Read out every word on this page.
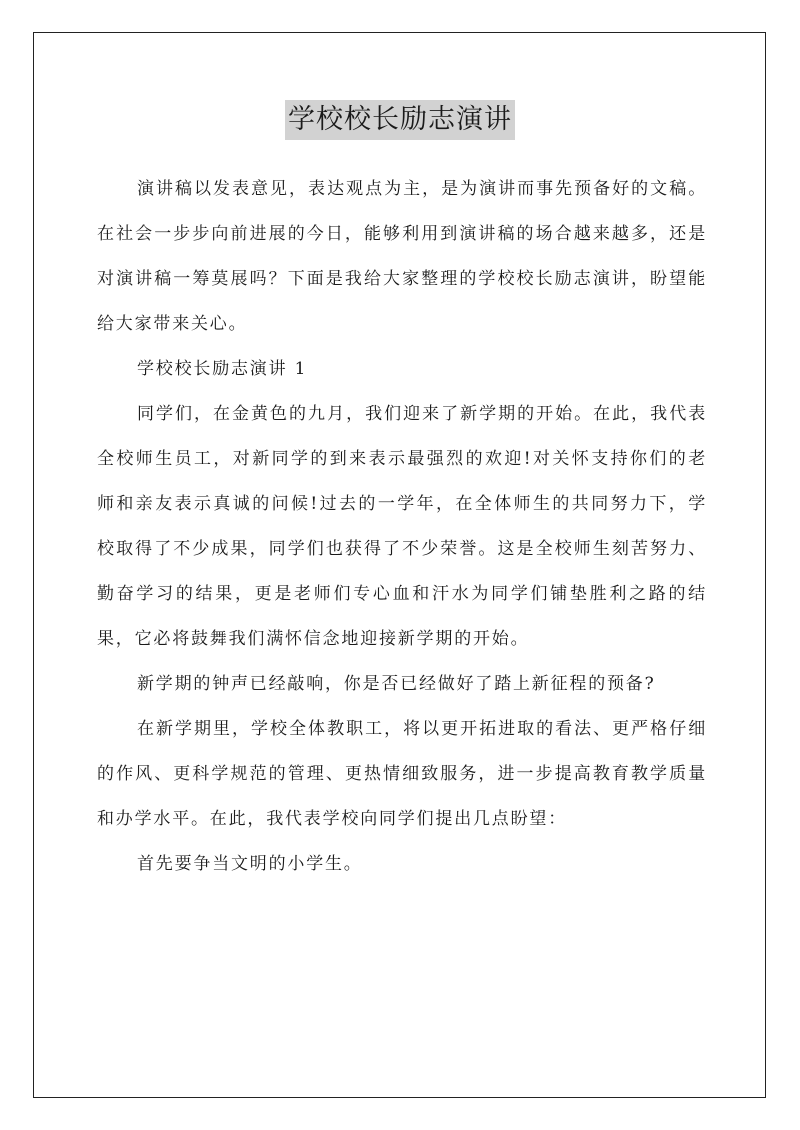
学校校长励志演讲

演讲稿以发表意见，表达观点为主，是为演讲而事先预备好的文稿。在社会一步步向前进展的今日，能够利用到演讲稿的场合越来越多，还是对演讲稿一筹莫展吗？下面是我给大家整理的学校校长励志演讲，盼望能给大家带来关心。

学校校长励志演讲 1

同学们，在金黄色的九月，我们迎来了新学期的开始。在此，我代表全校师生员工，对新同学的到来表示最强烈的欢迎!对关怀支持你们的老师和亲友表示真诚的问候!过去的一学年，在全体师生的共同努力下，学校取得了不少成果，同学们也获得了不少荣誉。这是全校师生刻苦努力、勤奋学习的结果，更是老师们专心血和汗水为同学们铺垫胜利之路的结果，它必将鼓舞我们满怀信念地迎接新学期的开始。

新学期的钟声已经敲响，你是否已经做好了踏上新征程的预备?

在新学期里，学校全体教职工，将以更开拓进取的看法、更严格仔细的作风、更科学规范的管理、更热情细致服务，进一步提高教育教学质量和办学水平。在此，我代表学校向同学们提出几点盼望：

首先要争当文明的小学生。
